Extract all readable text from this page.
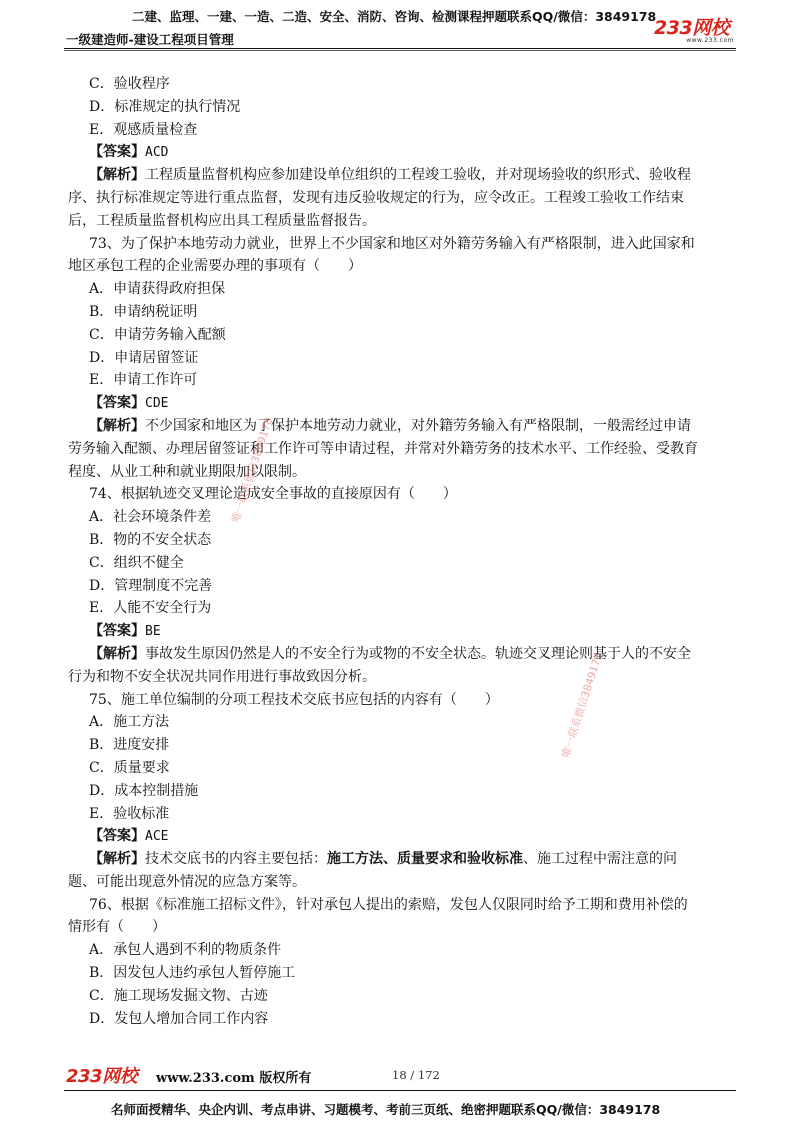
二建、监理、一建、一造、二造、安全、消防、咨询、检测课程押题联系QQ/微信：3849178
一级建造师-建设工程项目管理
233网校
www.233.com
C．验收程序
D．标准规定的执行情况
E．观感质量检查
【答案】ACD
【解析】工程质量监督机构应参加建设单位组织的工程竣工验收，并对现场验收的织形式、验收程
序、执行标准规定等进行重点监督，发现有违反验收规定的行为，应令改正。工程竣工验收工作结束
后，工程质量监督机构应出具工程质量监督报告。
73、为了保护本地劳动力就业，世界上不少国家和地区对外籍劳务输入有严格限制，进入此国家和
地区承包工程的企业需要办理的事项有（　　）
A．申请获得政府担保
B．申请纳税证明
C．申请劳务输入配额
D．申请居留签证
E．申请工作许可
【答案】CDE
【解析】不少国家和地区为了保护本地劳动力就业，对外籍劳务输入有严格限制，一般需经过申请
劳务输入配额、办理居留签证和工作许可等申请过程，并常对外籍劳务的技术水平、工作经验、受教育
程度、从业工种和就业期限加以限制。
74、根据轨迹交叉理论造成安全事故的直接原因有（　　）
A．社会环境条件差
B．物的不安全状态
C．组织不健全
D．管理制度不完善
E．人能不安全行为
【答案】BE
【解析】事故发生原因仍然是人的不安全行为或物的不安全状态。轨迹交叉理论则基于人的不安全
行为和物不安全状况共同作用进行事故致因分析。
75、施工单位编制的分项工程技术交底书应包括的内容有（　　）
A．施工方法
B．进度安排
C．质量要求
D．成本控制措施
E．验收标准
【答案】ACE
【解析】技术交底书的内容主要包括：施工方法、质量要求和验收标准、施工过程中需注意的问
题、可能出现意外情况的应急方案等。
76、根据《标准施工招标文件》，针对承包人提出的索赔，发包人仅限同时给予工期和费用补偿的
情形有（　　）
A．承包人遇到不利的物质条件
B．因发包人违约承包人暂停施工
C．施工现场发掘文物、古迹
D．发包人增加合同工作内容
唯一联系微信3849178
唯一联系微信3849178
233网校 www.233.com 版权所有	18 / 172
名师面授精华、央企内训、考点串讲、习题模考、考前三页纸、绝密押题联系QQ/微信：3849178
